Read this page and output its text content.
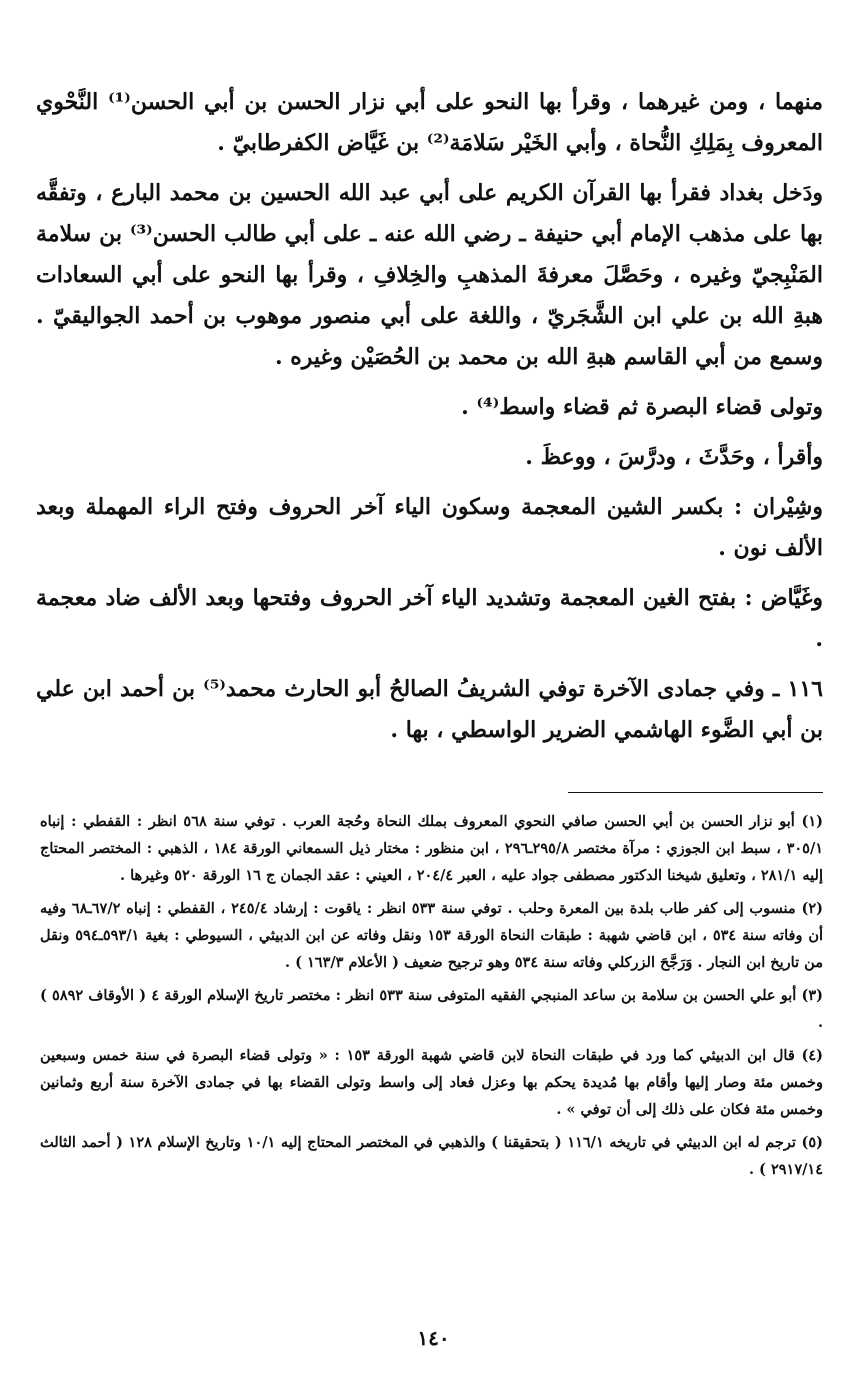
منهما ، ومن غيرهما ، وقرأ بها النحو على أبي نزار الحسن بن أبي الحسن⁽¹⁾ النَّحْوي المعروف بِمَلِكِ النُّحاة ، وأبي الخَيْر سَلامَة⁽²⁾ بن غَيَّاض الكفرطابيّ .

ودَخل بغداد فقرأ بها القرآن الكريم على أبي عبد الله الحسين بن محمد البارع ، وتفقَّه بها على مذهب الإمام أبي حنيفة ـ رضي الله عنه ـ على أبي طالب الحسن⁽³⁾ بن سلامة المَنْبِجيّ وغيره ، وحَصَّلَ معرفةَ المذهبِ والخِلافِ ، وقرأ بها النحو على أبي السعادات هبةِ الله بن علي ابن الشَّجَريّ ، واللغة على أبي منصور موهوب بن أحمد الجواليقيّ . وسمع من أبي القاسم هبةِ الله بن محمد بن الحُصَيْن وغيره .

وتولى قضاء البصرة ثم قضاء واسط⁽⁴⁾ .

وأقرأ ، وحَدَّثَ ، ودرَّسَ ، ووعظَ .

وشِيْران : بكسر الشين المعجمة وسكون الياء آخر الحروف وفتح الراء المهملة وبعد الألف نون .

وغَيَّاض : بفتح الغين المعجمة وتشديد الياء آخر الحروف وفتحها وبعد الألف ضاد معجمة .

١١٦ ـ وفي جمادى الآخرة توفي الشريفُ الصالحُ أبو الحارث محمد⁽⁵⁾ بن أحمد ابن علي بن أبي الضَّوء الهاشمي الضرير الواسطي ، بها .

(١) أبو نزار الحسن بن أبي الحسن صافي النحوي المعروف بملك النحاة وحُجة العرب . توفي سنة ٥٦٨ انظر : القفطي : إنباه ٣٠٥/١ ، سبط ابن الجوزي : مرآة مختصر ٢٩٥/٨ـ٢٩٦ ، ابن منظور : مختار ذيل السمعاني الورقة ١٨٤ ، الذهبي : المختصر المحتاج إليه ٢٨١/١ ، وتعليق شيخنا الدكتور مصطفى جواد عليه ، العبر ٢٠٤/٤ ، العيني : عقد الجمان ج ١٦ الورقة ٥٢٠ وغيرها .

(٢) منسوب إلى كفر طاب بلدة بين المعرة وحلب . توفي سنة ٥٣٣ انظر : ياقوت : إرشاد ٢٤٥/٤ ، القفطي : إنباه ٦٧/٢ـ٦٨ وفيه أن وفاته سنة ٥٣٤ ، ابن قاضي شهبة : طبقات النحاة الورقة ١٥٣ ونقل وفاته عن ابن الدبيثي ، السيوطي : بغية ٥٩٣/١ـ٥٩٤ ونقل من تاريخ ابن النجار . وَرَجَّحَ الزركلي وفاته سنة ٥٣٤ وهو ترجيح ضعيف ( الأعلام ١٦٣/٣ ) .

(٣) أبو علي الحسن بن سلامة بن ساعد المنبجي الفقيه المتوفى سنة ٥٣٣ انظر : مختصر تاريخ الإسلام الورقة ٤ ( الأوقاف ٥٨٩٢ ) .

(٤) قال ابن الدبيثي كما ورد في طبقات النحاة لابن قاضي شهبة الورقة ١٥٣ : « وتولى قضاء البصرة في سنة خمس وسبعين وخمس مئة وصار إليها وأقام بها مُديدة يحكم بها وعزل فعاد إلى واسط وتولى القضاء بها في جمادى الآخرة سنة أربع وثمانين وخمس مئة فكان على ذلك إلى أن توفي » .

(٥) ترجم له ابن الدبيثي في تاريخه ١١٦/١ ( بتحقيقنا ) والذهبي في المختصر المحتاج إليه ١٠/١ وتاريخ الإسلام ١٢٨ ( أحمد الثالث ٢٩١٧/١٤ ) .

١٤٠
